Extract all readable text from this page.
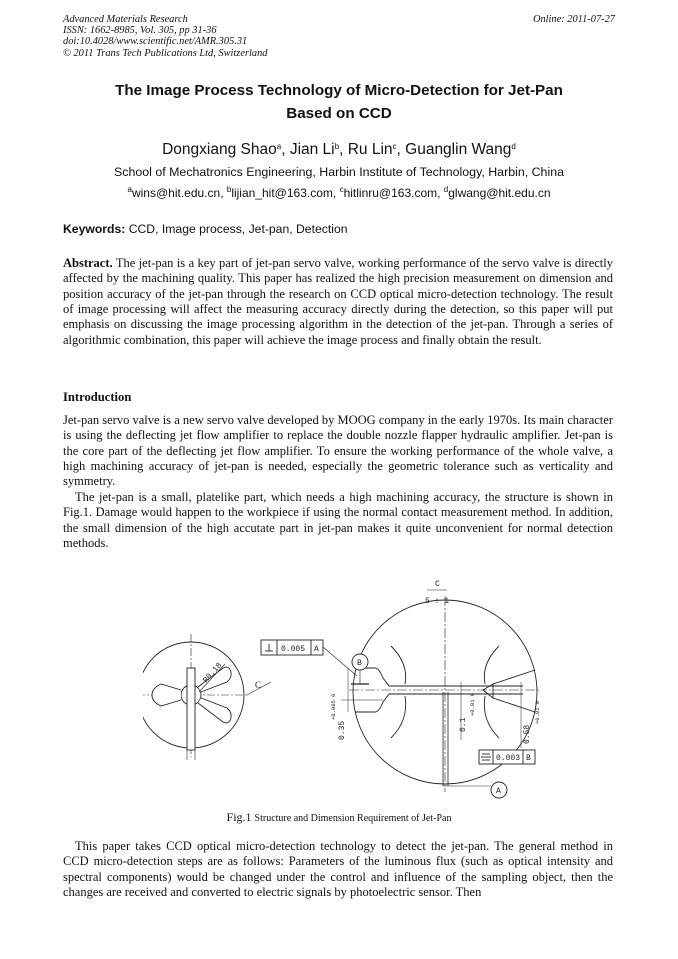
Advanced Materials Research
ISSN: 1662-8985, Vol. 305, pp 31-36
doi:10.4028/www.scientific.net/AMR.305.31
© 2011 Trans Tech Publications Ltd, Switzerland
Online: 2011-07-27
The Image Process Technology of Micro-Detection for Jet-Pan
Based on CCD
Dongxiang Shao$^a$, Jian Li$^b$, Ru Lin$^c$, Guanglin Wang$^d$
School of Mechatronics Engineering, Harbin Institute of Technology, Harbin, China
$^a$wins@hit.edu.cn, $^b$lijian_hit@163.com, $^c$hitlinru@163.com, $^d$glwang@hit.edu.cn
Keywords: CCD, Image process, Jet-pan, Detection
Abstract. The jet-pan is a key part of jet-pan servo valve, working performance of the servo valve is directly affected by the machining quality. This paper has realized the high precision measurement on dimension and position accuracy of the jet-pan through the research on CCD optical micro-detection technology. The result of image processing will affect the measuring accuracy directly during the detection, so this paper will put emphasis on discussing the image processing algorithm in the detection of the jet-pan. Through a series of algorithmic combination, this paper will achieve the image process and finally obtain the result.
Introduction
Jet-pan servo valve is a new servo valve developed by MOOG company in the early 1970s. Its main character is using the deflecting jet flow amplifier to replace the double nozzle flapper hydraulic amplifier. Jet-pan is the core part of the deflecting jet flow amplifier. To ensure the working performance of the whole valve, a high machining accuracy of jet-pan is needed, especially the geometric tolerance such as verticality and symmetry.
The jet-pan is a small, platelike part, which needs a high machining accuracy, the structure is shown in Fig.1. Damage would happen to the workpiece if using the normal contact measurement method. In addition, the small dimension of the high accutate part in jet-pan makes it quite unconvenient for normal detection methods.
R0.18	C
C
5 : 1
0.005 A
B
0.35
+0.005 0
0.1
+0.01 0
0.58
+0.01 0
0.003 B
A
Fig.1 Structure and Dimension Requirement of Jet-Pan
This paper takes CCD optical micro-detection technology to detect the jet-pan. The general method in CCD micro-detection steps are as follows: Parameters of the luminous flux (such as optical intensity and spectral components) would be changed under the control and influence of the sampling object, then the changes are received and converted to electric signals by photoelectric sensor. Then
